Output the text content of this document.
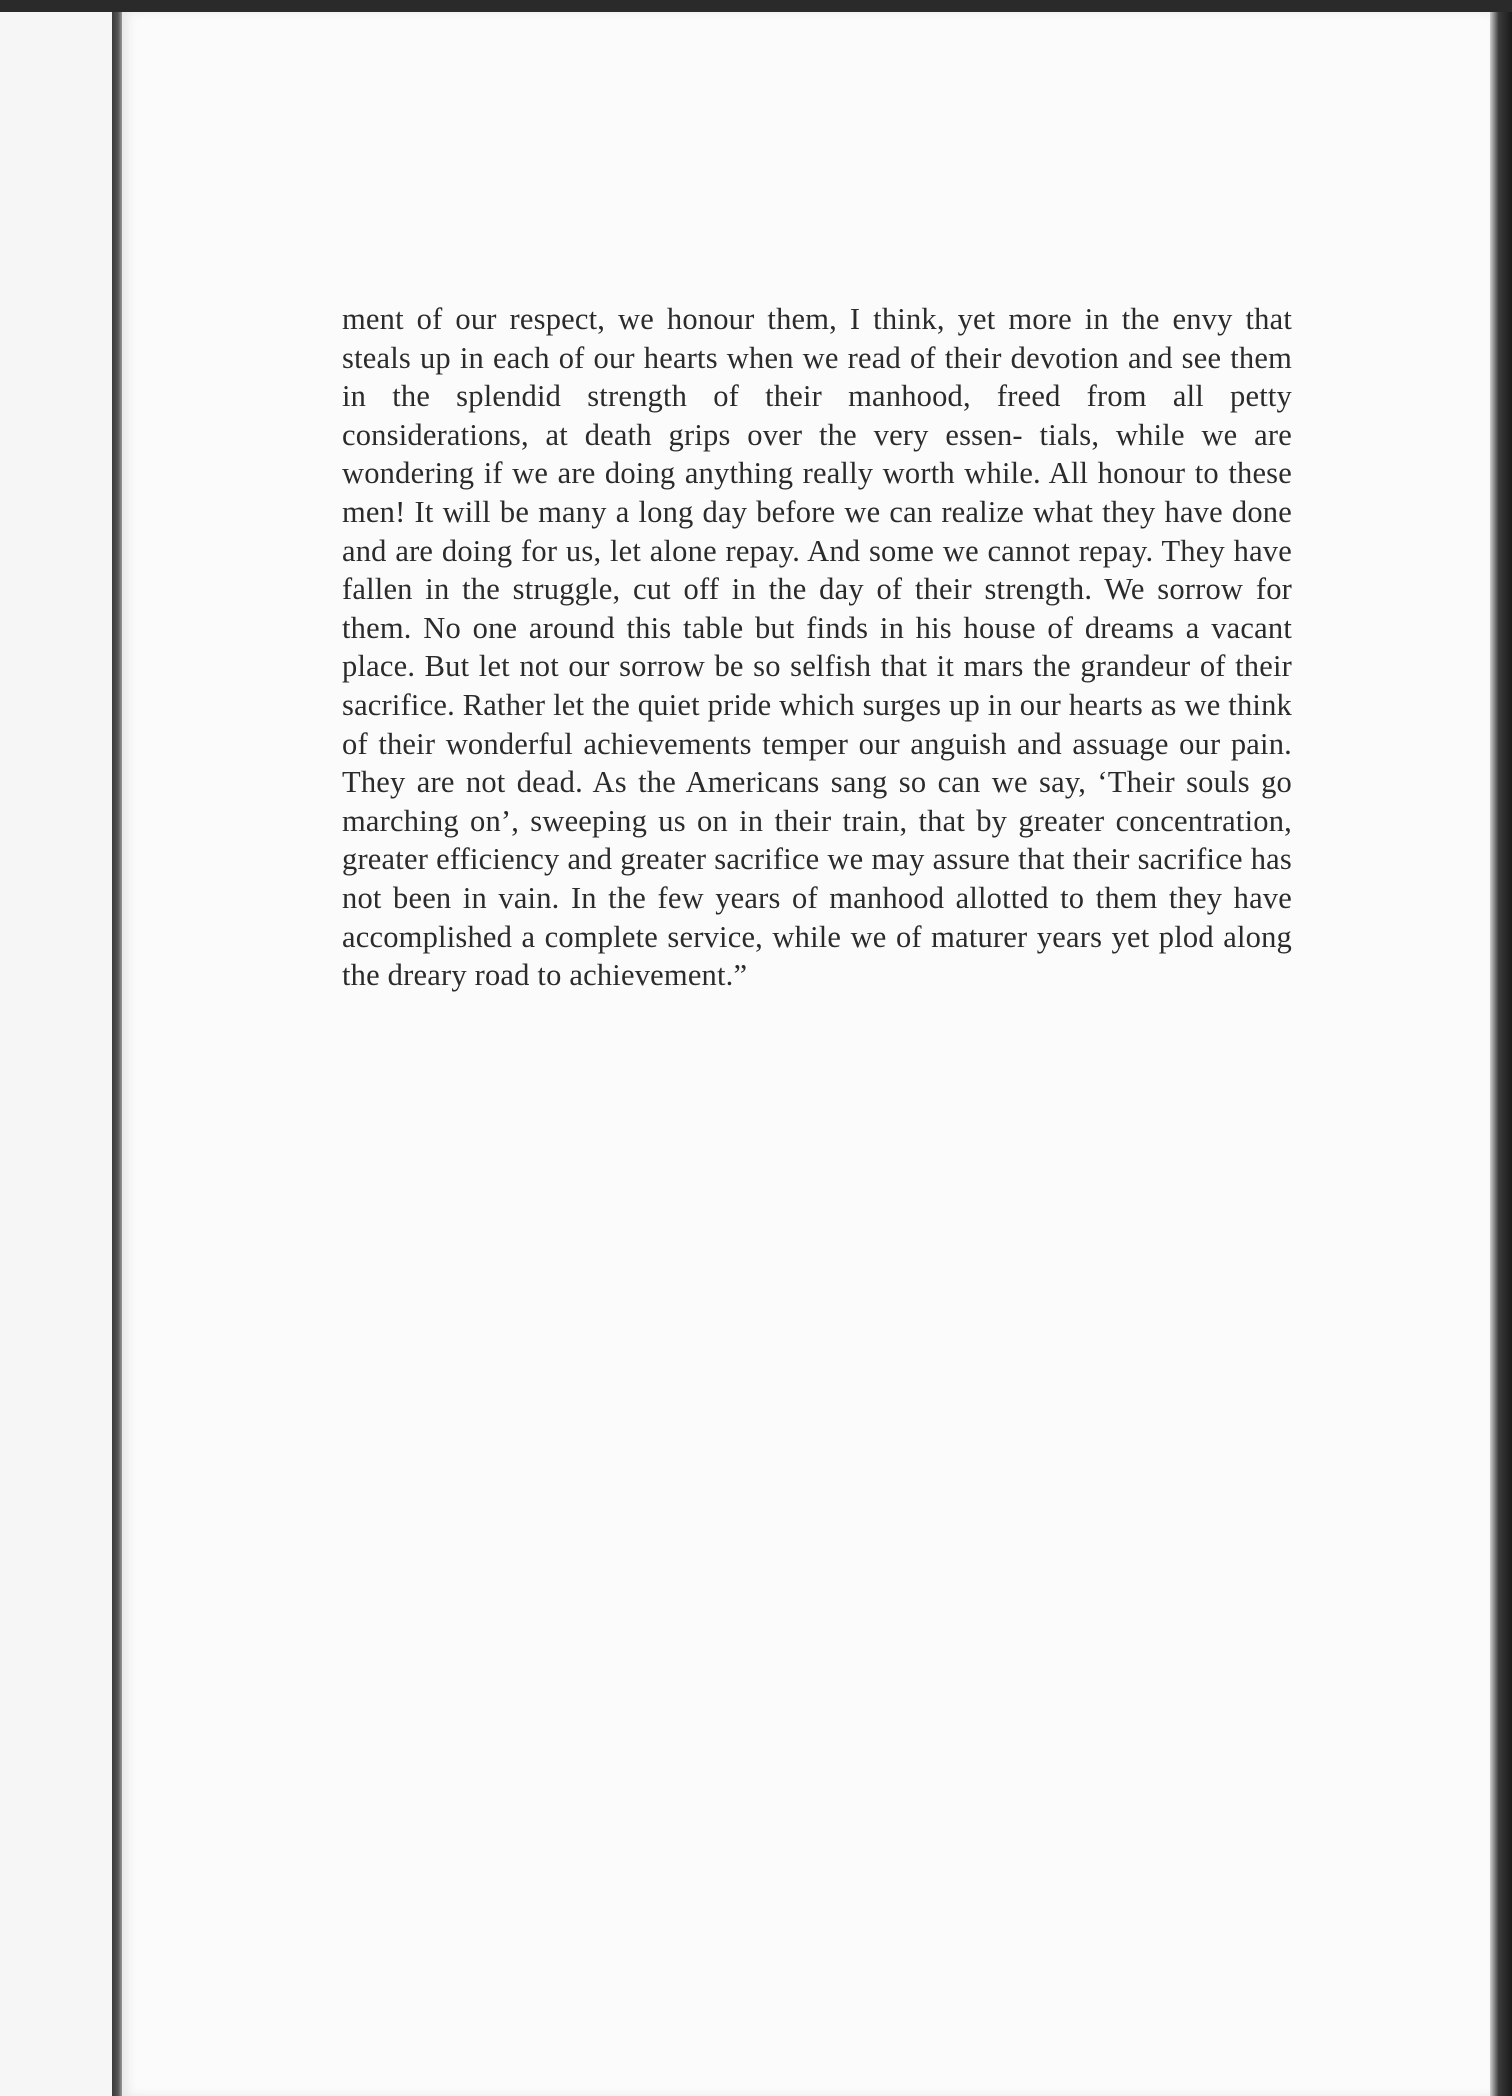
ment of our respect, we honour them, I think, yet more in the envy that steals up in each of our hearts when we read of their devotion and see them in the splendid strength of their manhood, freed from all petty considerations, at death grips over the very essen- tials, while we are wondering if we are doing anything really worth while. All honour to these men! It will be many a long day before we can realize what they have done and are doing for us, let alone repay. And some we cannot repay. They have fallen in the struggle, cut off in the day of their strength. We sorrow for them. No one around this table but finds in his house of dreams a vacant place. But let not our sorrow be so selfish that it mars the grandeur of their sacrifice. Rather let the quiet pride which surges up in our hearts as we think of their wonderful achievements temper our anguish and assuage our pain. They are not dead. As the Americans sang so can we say, ‘Their souls go marching on’, sweeping us on in their train, that by greater concentration, greater efficiency and greater sacrifice we may assure that their sacrifice has not been in vain. In the few years of manhood allotted to them they have accomplished a complete service, while we of maturer years yet plod along the dreary road to achievement.”
